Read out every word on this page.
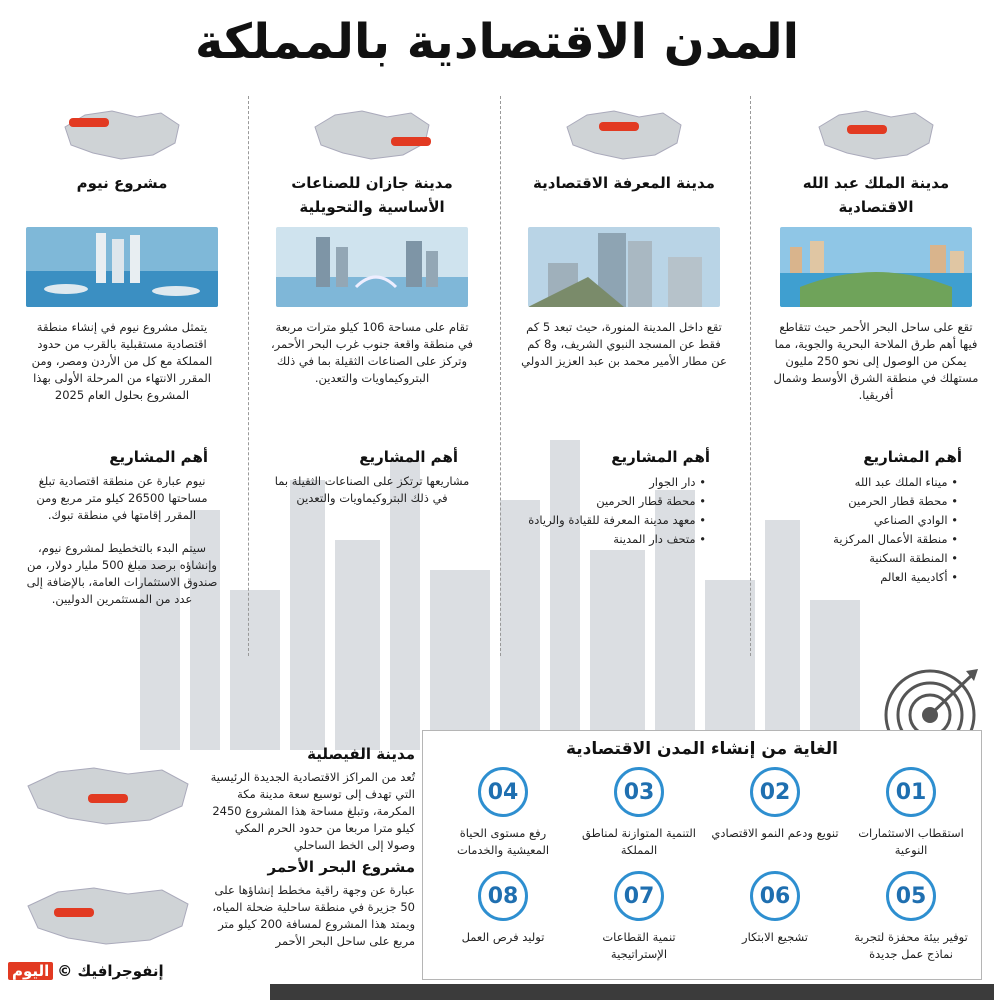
المدن الاقتصادية بالمملكة
مدينة الملك عبد الله الاقتصادية
تقع على ساحل البحر الأحمر حيث تتقاطع فيها أهم طرق الملاحة البحرية والجوية، مما يمكن من الوصول إلى نحو 250 مليون مستهلك في منطقة الشرق الأوسط وشمال أفريقيا.
أهم المشاريع
• ميناء الملك عبد الله
• محطة قطار الحرمين
• الوادي الصناعي
• منطقة الأعمال المركزية
• المنطقة السكنية
• أكاديمية العالم
مدينة المعرفة الاقتصادية
تقع داخل المدينة المنورة، حيث تبعد 5 كم فقط عن المسجد النبوي الشريف، و8 كم عن مطار الأمير محمد بن عبد العزيز الدولي
أهم المشاريع
• دار الجوار
• محطة قطار الحرمين
• معهد مدينة المعرفة للقيادة والريادة
• متحف دار المدينة
مدينة جازان للصناعات الأساسية والتحويلية
تقام على مساحة 106 كيلو مترات مربعة في منطقة واقعة جنوب غرب البحر الأحمر، وتركز على الصناعات الثقيلة بما في ذلك البتروكيماويات والتعدين.
أهم المشاريع

مشاريعها ترتكز على الصناعات الثقيلة بما في ذلك البتروكيماويات والتعدين

مشروع نيوم
يتمثل مشروع نيوم في إنشاء منطقة اقتصادية مستقبلية بالقرب من حدود المملكة مع كل من الأردن ومصر، ومن المقرر الانتهاء من المرحلة الأولى بهذا المشروع بحلول العام 2025
أهم المشاريع

نيوم عبارة عن منطقة اقتصادية تبلغ مساحتها 26500 كيلو متر مربع ومن المقرر إقامتها في منطقة تبوك.

سيتم البدء بالتخطيط لمشروع نيوم، وإنشاؤه برصد مبلغ 500 مليار دولار، من صندوق الاستثمارات العامة، بالإضافة إلى عدد من المستثمرين الدوليين.

مدينة الفيصلية
تُعد من المراكز الاقتصادية الجديدة الرئيسية التي تهدف إلى توسيع سعة مدينة مكة المكرمة، وتبلغ مساحة هذا المشروع 2450 كيلو مترا مربعا من حدود الحرم المكي وصولا إلى الخط الساحلي
مشروع البحر الأحمر
عبارة عن وجهة راقية مخطط إنشاؤها على 50 جزيرة في منطقة ساحلية ضحلة المياه، ويمتد هذا المشروع لمسافة 200 كيلو متر مربع على ساحل البحر الأحمر
الغاية من إنشاء المدن الاقتصادية
01
استقطاب الاستثمارات النوعية
02
تنويع ودعم النمو الاقتصادي
03
التنمية المتوازنة لمناطق المملكة
04
رفع مستوى الحياة المعيشية والخدمات
05
توفير بيئة محفزة لتجربة نماذج عمل جديدة
06
تشجيع الابتكار
07
تنمية القطاعات الإستراتيجية
08
توليد فرص العمل
إنفوجرافيك ©
اليوم
